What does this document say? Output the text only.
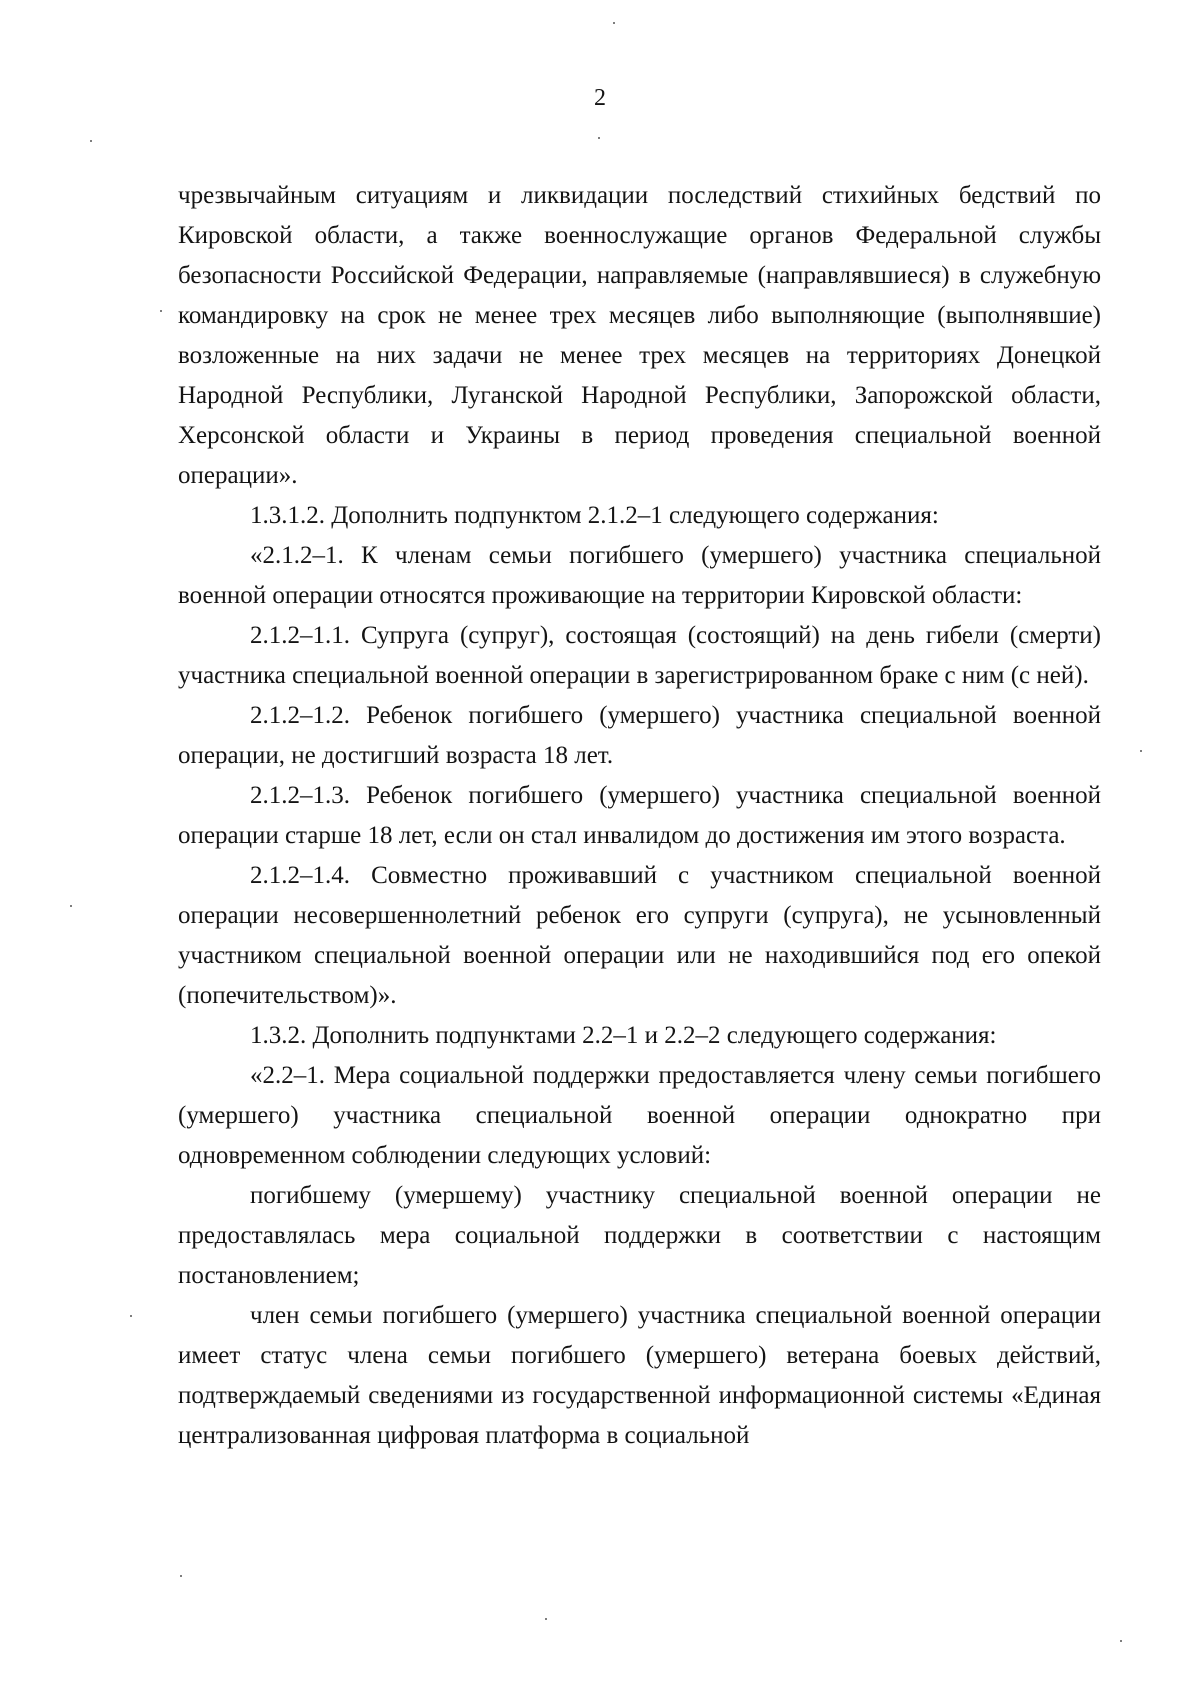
2

чрезвычайным ситуациям и ликвидации последствий стихийных бедствий по Кировской области, а также военнослужащие органов Федеральной службы безопасности Российской Федерации, направляемые (направлявшиеся) в служебную командировку на срок не менее трех месяцев либо выполняющие (выполнявшие) возложенные на них задачи не менее трех месяцев на территориях Донецкой Народной Республики, Луганской Народной Республики, Запорожской области, Херсонской области и Украины в период проведения специальной военной операции».

1.3.1.2. Дополнить подпунктом 2.1.2–1 следующего содержания:

«2.1.2–1. К членам семьи погибшего (умершего) участника специальной военной операции относятся проживающие на территории Кировской области:

2.1.2–1.1. Супруга (супруг), состоящая (состоящий) на день гибели (смерти) участника специальной военной операции в зарегистрированном браке с ним (с ней).

2.1.2–1.2. Ребенок погибшего (умершего) участника специальной военной операции, не достигший возраста 18 лет.

2.1.2–1.3. Ребенок погибшего (умершего) участника специальной военной операции старше 18 лет, если он стал инвалидом до достижения им этого возраста.

2.1.2–1.4. Совместно проживавший с участником специальной военной операции несовершеннолетний ребенок его супруги (супруга), не усыновленный участником специальной военной операции или не находившийся под его опекой (попечительством)».

1.3.2. Дополнить подпунктами 2.2–1 и 2.2–2 следующего содержания:

«2.2–1. Мера социальной поддержки предоставляется члену семьи погибшего (умершего) участника специальной военной операции однократно при одновременном соблюдении следующих условий:

погибшему (умершему) участнику специальной военной операции не предоставлялась мера социальной поддержки в соответствии с настоящим постановлением;

член семьи погибшего (умершего) участника специальной военной операции имеет статус члена семьи погибшего (умершего) ветерана боевых действий, подтверждаемый сведениями из государственной информационной системы «Единая централизованная цифровая платформа в социальной
